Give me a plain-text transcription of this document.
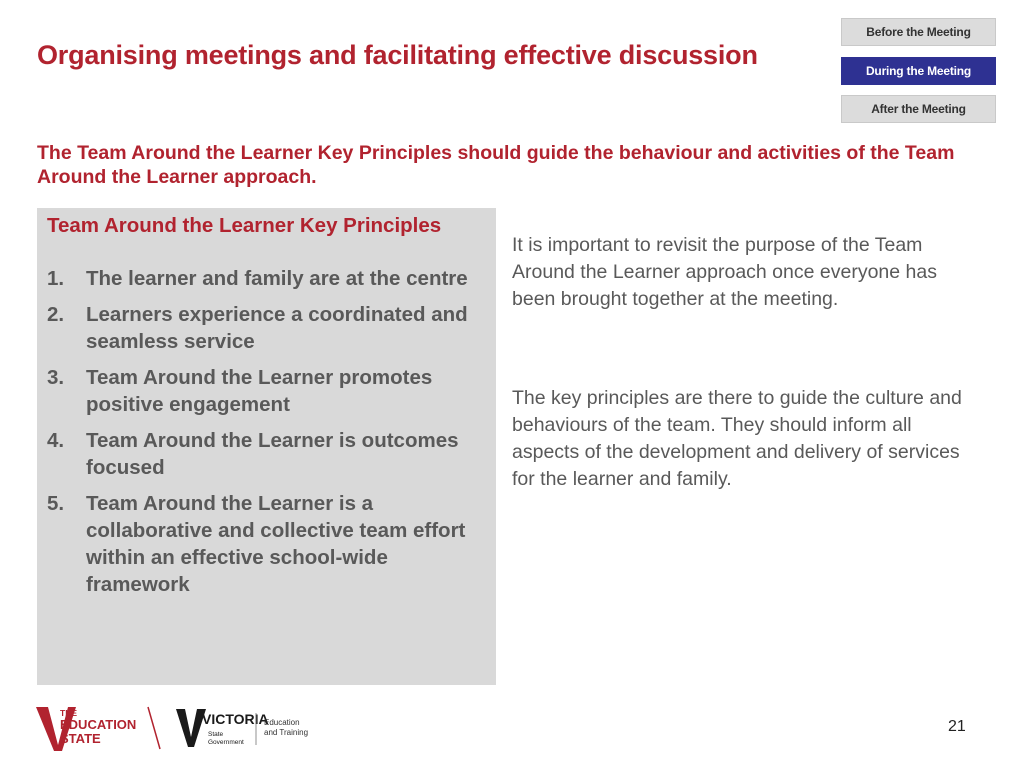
Organising meetings and facilitating effective discussion
Before the Meeting
During the Meeting
After the Meeting
The Team Around the Learner Key Principles should guide the behaviour and activities of the Team Around the Learner approach.
Team Around the Learner Key Principles
1.	The learner and family are at the centre
2.	Learners experience a coordinated and seamless service
3.	Team Around the Learner promotes positive engagement
4.	Team Around the Learner is outcomes focused
5.	Team Around the Learner is a collaborative and collective team effort within an effective school-wide framework
It is important to revisit the purpose of the Team Around the Learner approach once everyone has been brought together at the meeting.
The key principles are there to guide the culture and behaviours of the team. They should inform all aspects of the development and delivery of services for the learner and family.
THE
EDUCATION
STATE
VICTORIA
State
Government
Education
and Training	21
